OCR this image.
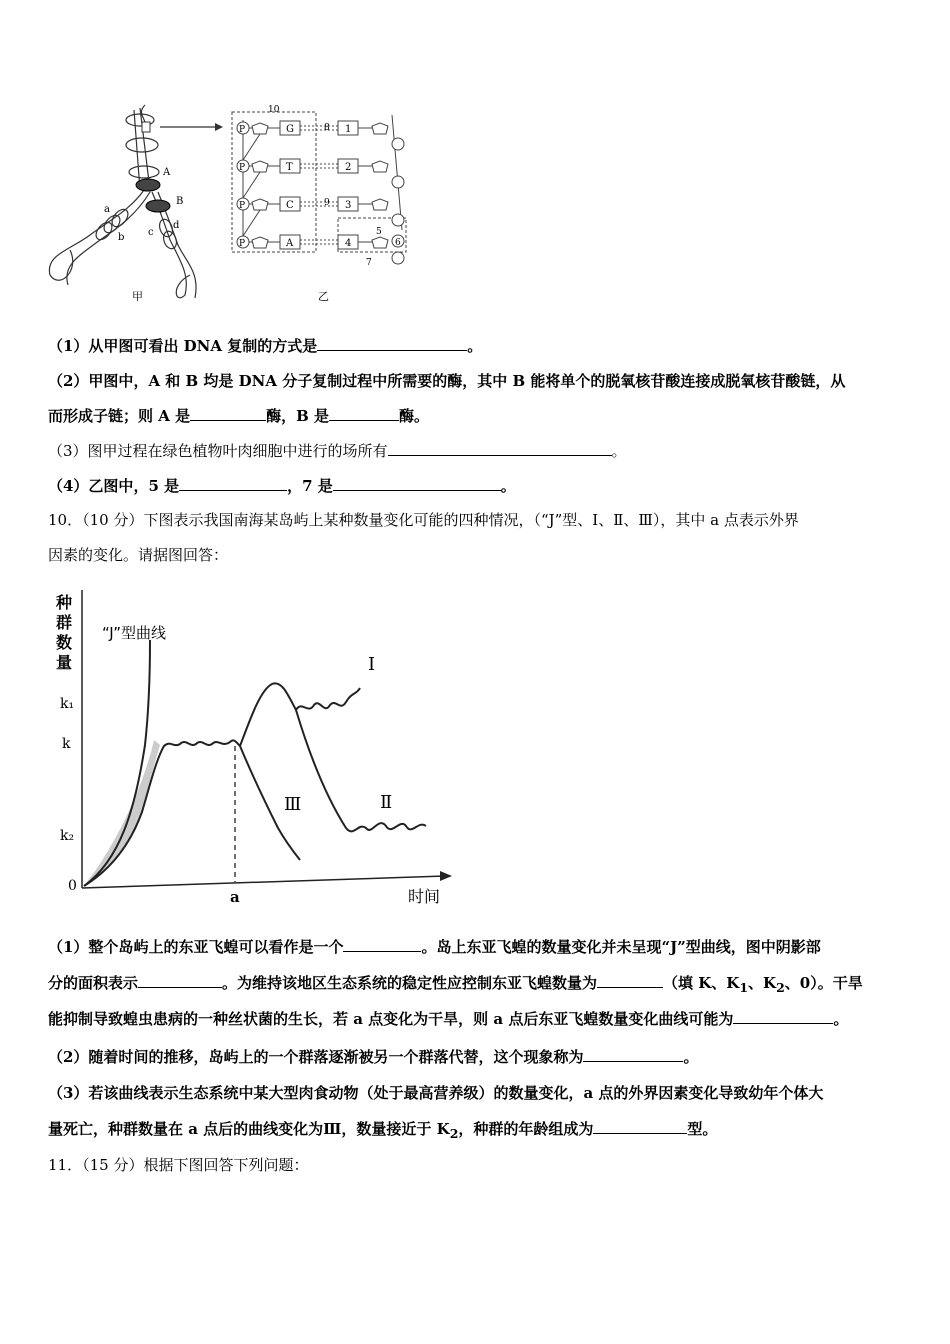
A
B
a
b c
d
甲
P	G	1
P	T	2
P	C	3
P	A	4
10
8
9
5
6
7
乙
（1）从甲图可看出 DNA 复制的方式是	。
（2）甲图中，A 和 B 均是 DNA 分子复制过程中所需要的酶，其中 B 能将单个的脱氧核苷酸连接成脱氧核苷酸链，从
而形成子链；则 A 是	酶，B 是	酶。
（3）图甲过程在绿色植物叶肉细胞中进行的场所有	。
（4）乙图中，5 是	，7 是	。
10．（10 分）下图表示我国南海某岛屿上某种数量变化可能的四种情况，（“J”型、Ⅰ、Ⅱ、Ⅲ），其中 a 点表示外界
因素的变化。请据图回答：
种群数量
k₁
k
k₂
0
a	时间
“J”型曲线
Ⅰ
Ⅱ
Ⅲ
（1）整个岛屿上的东亚飞蝗可以看作是一个	。岛上东亚飞蝗的数量变化并未呈现“J”型曲线，图中阴影部
分的面积表示	。为维持该地区生态系统的稳定性应控制东亚飞蝗数量为	（填 K、$K_1$、$K_2$、0）。干旱
能抑制导致蝗虫患病的一种丝状菌的生长，若 a 点变化为干旱，则 a 点后东亚飞蝗数量变化曲线可能为	。
（2）随着时间的推移，岛屿上的一个群落逐渐被另一个群落代替，这个现象称为	。
（3）若该曲线表示生态系统中某大型肉食动物（处于最高营养级）的数量变化，a 点的外界因素变化导致幼年个体大
量死亡，种群数量在 a 点后的曲线变化为Ⅲ，数量接近于 $K_2$，种群的年龄组成为	型。
11．（15 分）根据下图回答下列问题：
